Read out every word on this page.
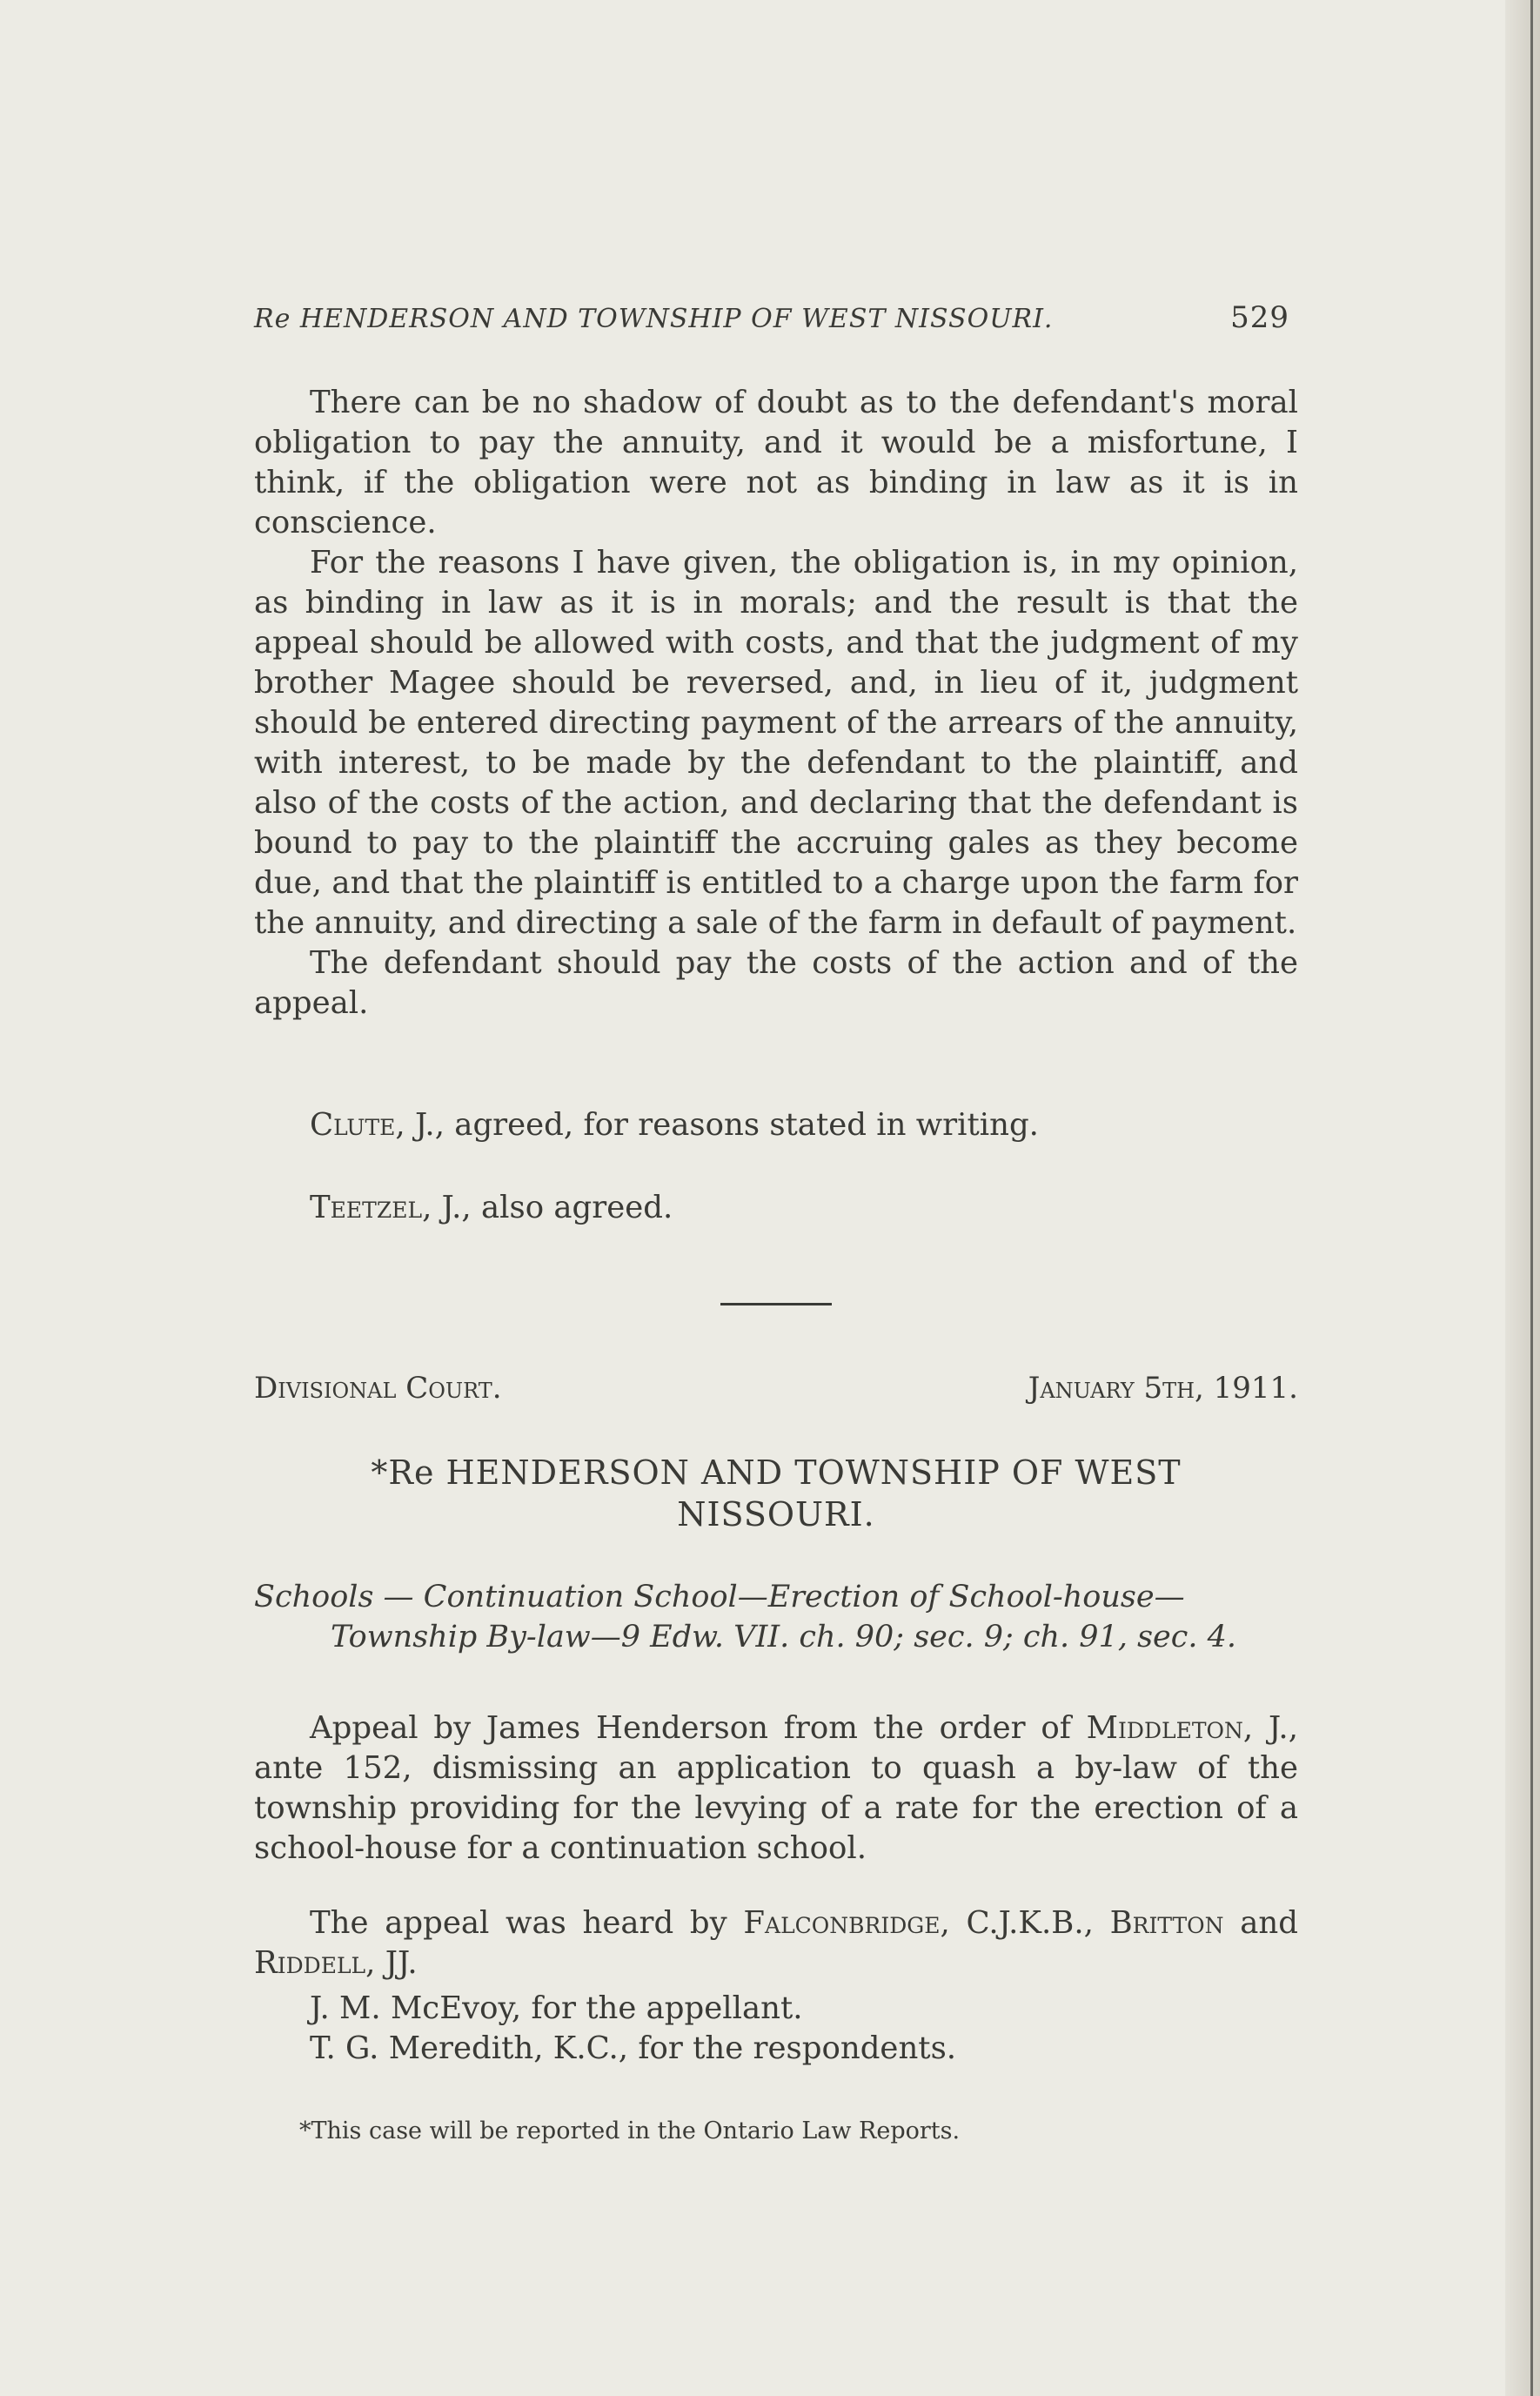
Re HENDERSON AND TOWNSHIP OF WEST NISSOURI.	529

There can be no shadow of doubt as to the defendant's moral obligation to pay the annuity, and it would be a misfortune, I think, if the obligation were not as binding in law as it is in conscience.

For the reasons I have given, the obligation is, in my opinion, as binding in law as it is in morals; and the result is that the appeal should be allowed with costs, and that the judgment of my brother Magee should be reversed, and, in lieu of it, judgment should be entered directing payment of the arrears of the annuity, with interest, to be made by the defendant to the plaintiff, and also of the costs of the action, and declaring that the defendant is bound to pay to the plaintiff the accruing gales as they become due, and that the plaintiff is entitled to a charge upon the farm for the annuity, and directing a sale of the farm in default of payment.

The defendant should pay the costs of the action and of the appeal.

Clute, J., agreed, for reasons stated in writing.

Teetzel, J., also agreed.

Divisional Court.	January 5th, 1911.
*Re HENDERSON AND TOWNSHIP OF WEST
NISSOURI.
Schools — Continuation School—Erection of School-house—
Township By-law—9 Edw. VII. ch. 90; sec. 9; ch. 91, sec. 4.

Appeal by James Henderson from the order of Middleton, J., ante 152, dismissing an application to quash a by-law of the township providing for the levying of a rate for the erection of a school-house for a continuation school.

The appeal was heard by Falconbridge, C.J.K.B., Britton and Riddell, JJ.

J. M. McEvoy, for the appellant.

T. G. Meredith, K.C., for the respondents.

*This case will be reported in the Ontario Law Reports.
